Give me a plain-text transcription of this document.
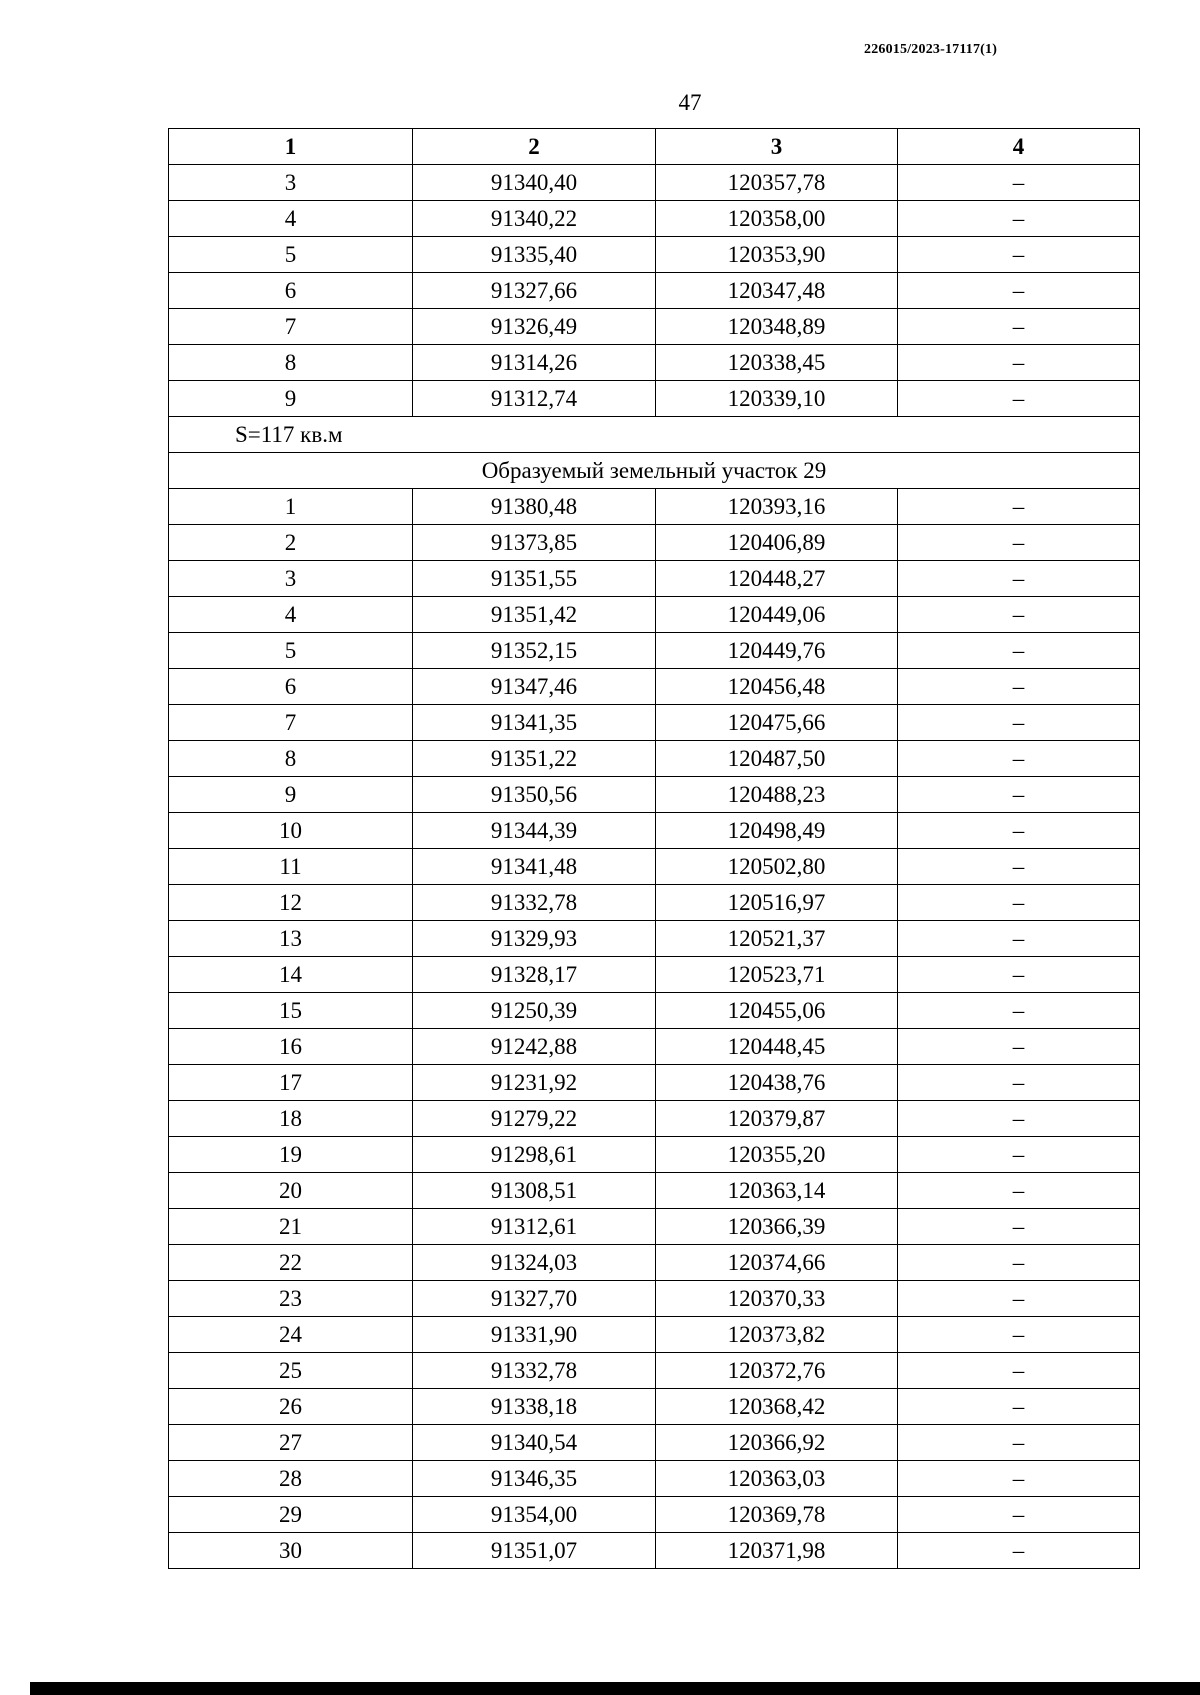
226015/2023-17117(1)
47
1	2	3	4
3	91340,40	120357,78	–
4	91340,22	120358,00	–
5	91335,40	120353,90	–
6	91327,66	120347,48	–
7	91326,49	120348,89	–
8	91314,26	120338,45	–
9	91312,74	120339,10	–
S=117 кв.м			
Образуемый земельный участок 29			
1	91380,48	120393,16	–
2	91373,85	120406,89	–
3	91351,55	120448,27	–
4	91351,42	120449,06	–
5	91352,15	120449,76	–
6	91347,46	120456,48	–
7	91341,35	120475,66	–
8	91351,22	120487,50	–
9	91350,56	120488,23	–
10	91344,39	120498,49	–
11	91341,48	120502,80	–
12	91332,78	120516,97	–
13	91329,93	120521,37	–
14	91328,17	120523,71	–
15	91250,39	120455,06	–
16	91242,88	120448,45	–
17	91231,92	120438,76	–
18	91279,22	120379,87	–
19	91298,61	120355,20	–
20	91308,51	120363,14	–
21	91312,61	120366,39	–
22	91324,03	120374,66	–
23	91327,70	120370,33	–
24	91331,90	120373,82	–
25	91332,78	120372,76	–
26	91338,18	120368,42	–
27	91340,54	120366,92	–
28	91346,35	120363,03	–
29	91354,00	120369,78	–
30	91351,07	120371,98	–
